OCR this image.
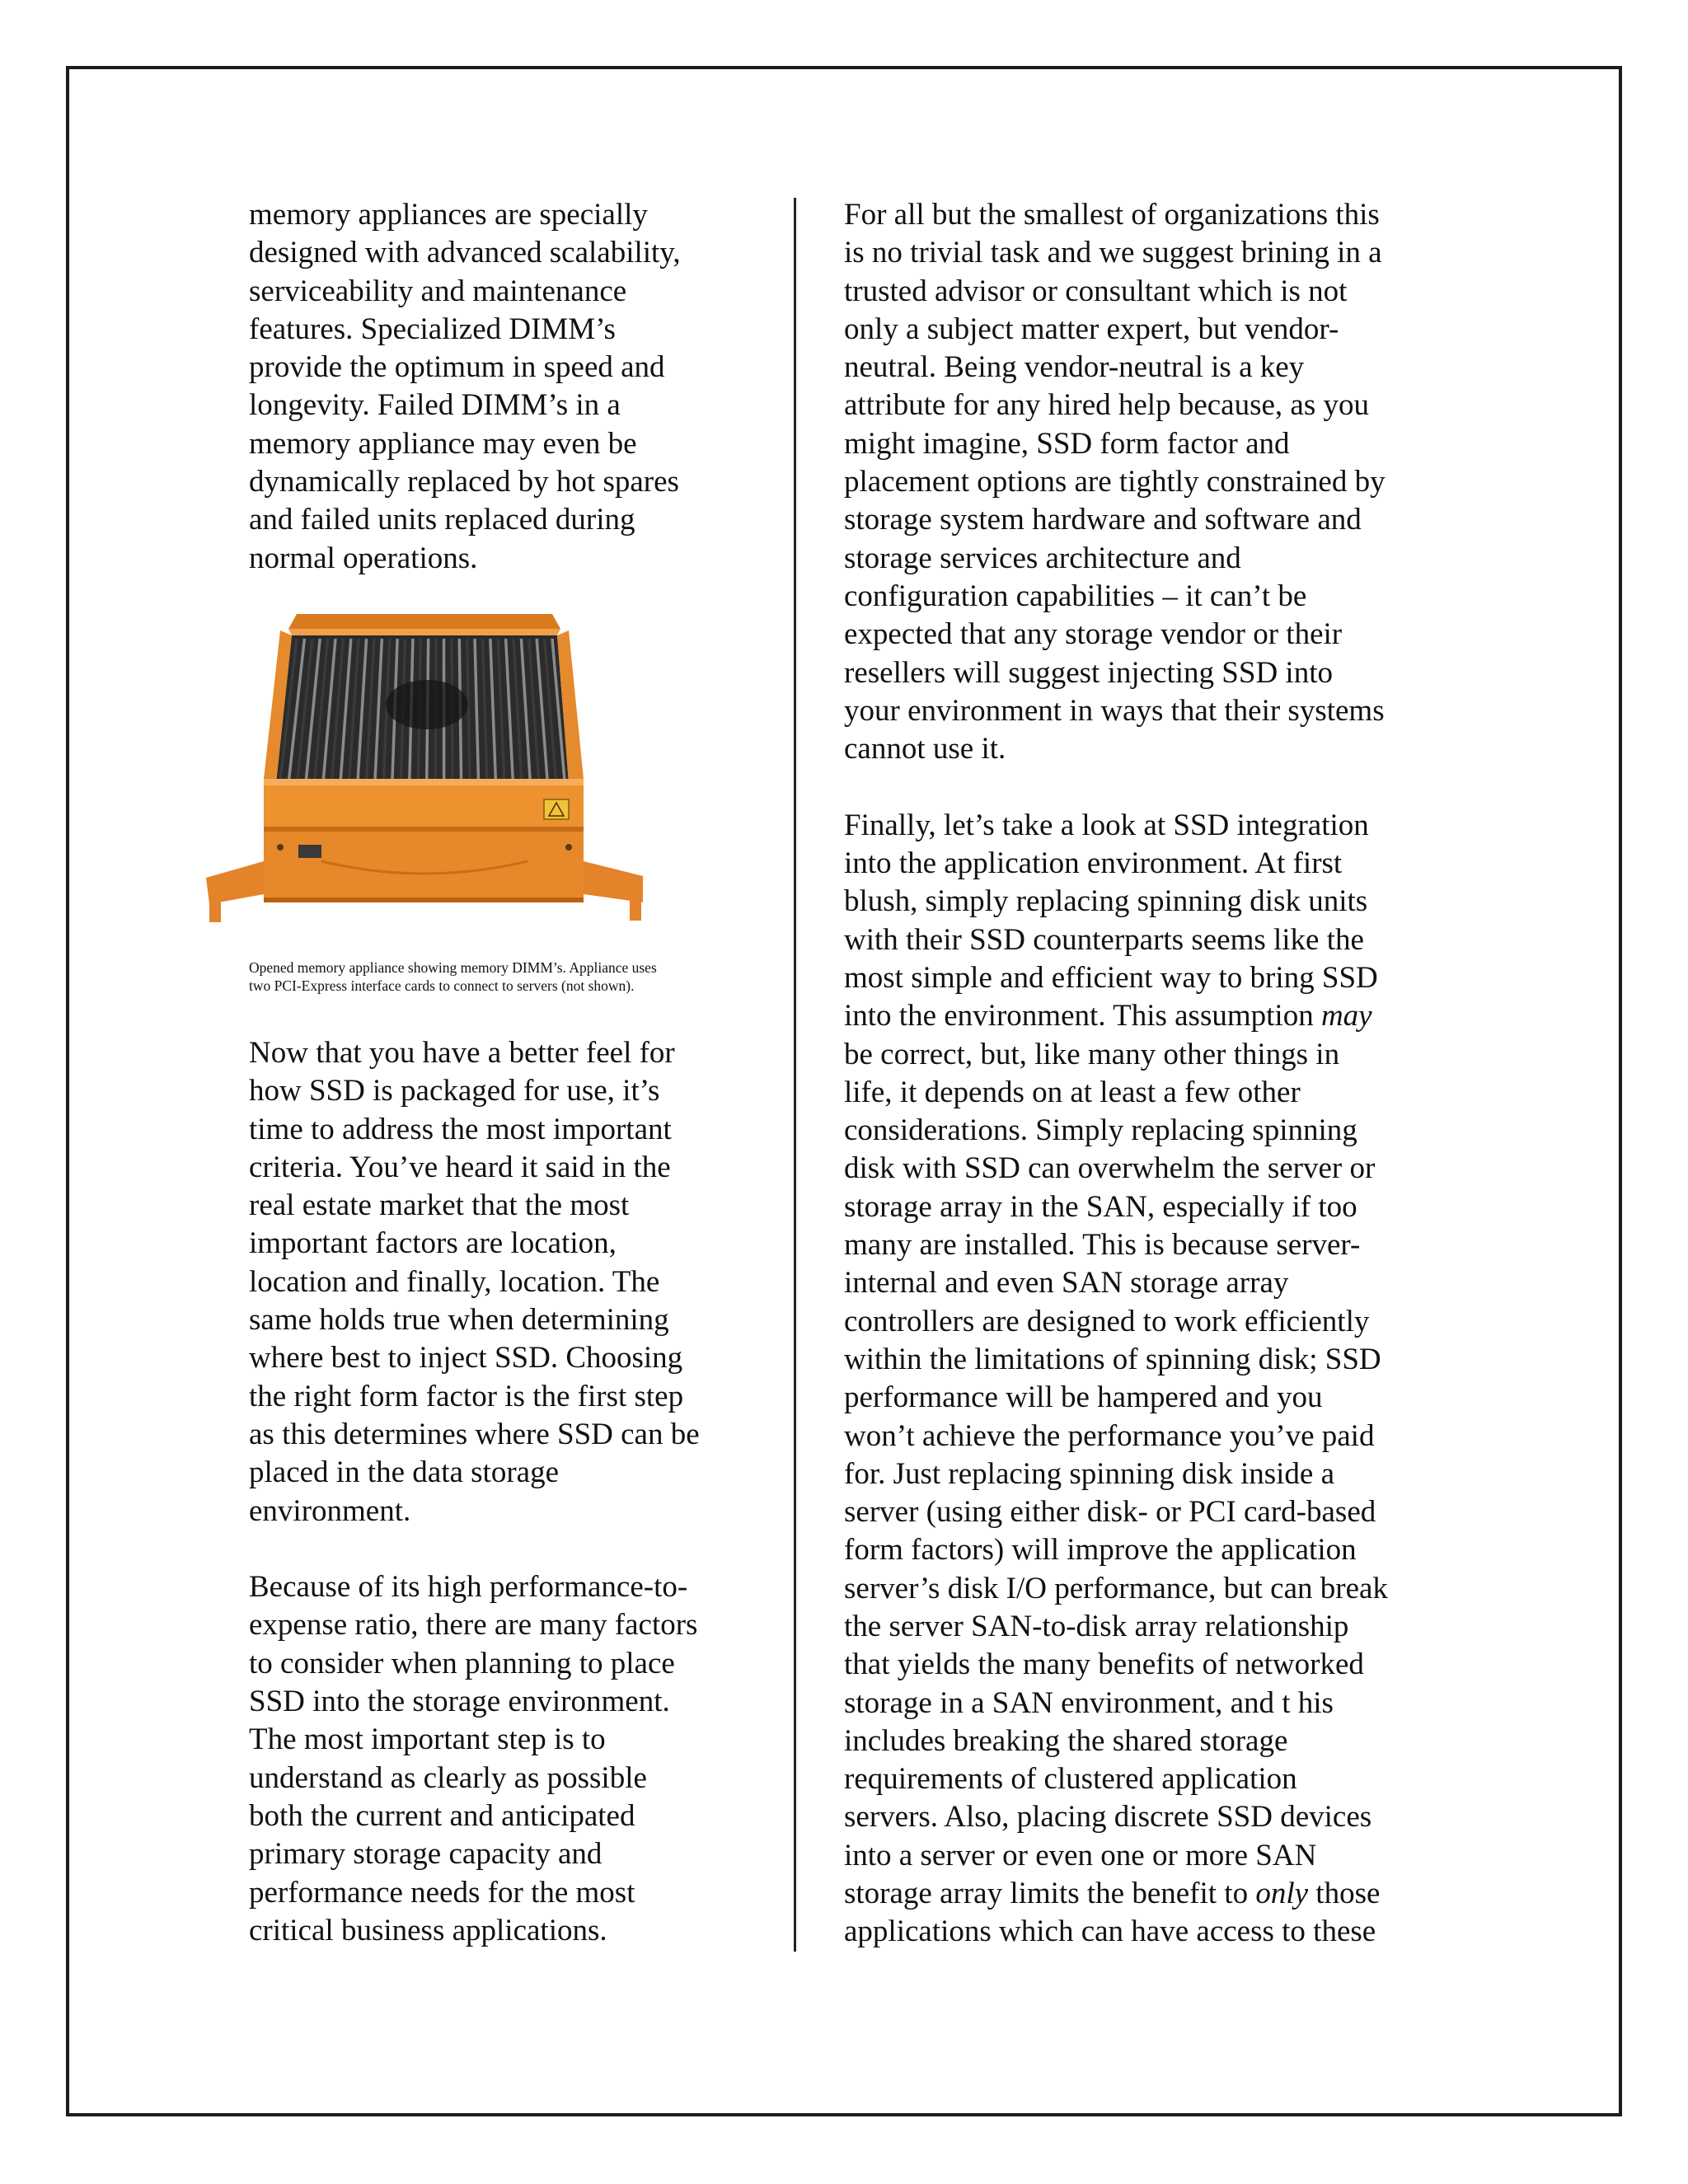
memory appliances are specially
designed with advanced scalability,
serviceability and maintenance
features. Specialized DIMM’s
provide the optimum in speed and
longevity. Failed DIMM’s in a
memory appliance may even be
dynamically replaced by hot spares
and failed units replaced during
normal operations.

Opened memory appliance showing memory DIMM’s. Appliance uses
two PCI-Express interface cards to connect to servers (not shown).

Now that you have a better feel for
how SSD is packaged for use, it’s
time to address the most important
criteria. You’ve heard it said in the
real estate market that the most
important factors are location,
location and finally, location. The
same holds true when determining
where best to inject SSD. Choosing
the right form factor is the first step
as this determines where SSD can be
placed in the data storage
environment.

Because of its high performance-to-
expense ratio, there are many factors
to consider when planning to place
SSD into the storage environment.
The most important step is to
understand as clearly as possible
both the current and anticipated
primary storage capacity and
performance needs for the most
critical business applications.

For all but the smallest of organizations this
is no trivial task and we suggest brining in a
trusted advisor or consultant which is not
only a subject matter expert, but vendor-
neutral. Being vendor-neutral is a key
attribute for any hired help because, as you
might imagine, SSD form factor and
placement options are tightly constrained by
storage system hardware and software and
storage services architecture and
configuration capabilities – it can’t be
expected that any storage vendor or their
resellers will suggest injecting SSD into
your environment in ways that their systems
cannot use it.

Finally, let’s take a look at SSD integration
into the application environment. At first
blush, simply replacing spinning disk units
with their SSD counterparts seems like the
most simple and efficient way to bring SSD
into the environment. This assumption may
be correct, but, like many other things in
life, it depends on at least a few other
considerations. Simply replacing spinning
disk with SSD can overwhelm the server or
storage array in the SAN, especially if too
many are installed. This is because server-
internal and even SAN storage array
controllers are designed to work efficiently
within the limitations of spinning disk; SSD
performance will be hampered and you
won’t achieve the performance you’ve paid
for. Just replacing spinning disk inside a
server (using either disk- or PCI card-based
form factors) will improve the application
server’s disk I/O performance, but can break
the server SAN-to-disk array relationship
that yields the many benefits of networked
storage in a SAN environment, and t his
includes breaking the shared storage
requirements of clustered application
servers. Also, placing discrete SSD devices
into a server or even one or more SAN
storage array limits the benefit to only those
applications which can have access to these
